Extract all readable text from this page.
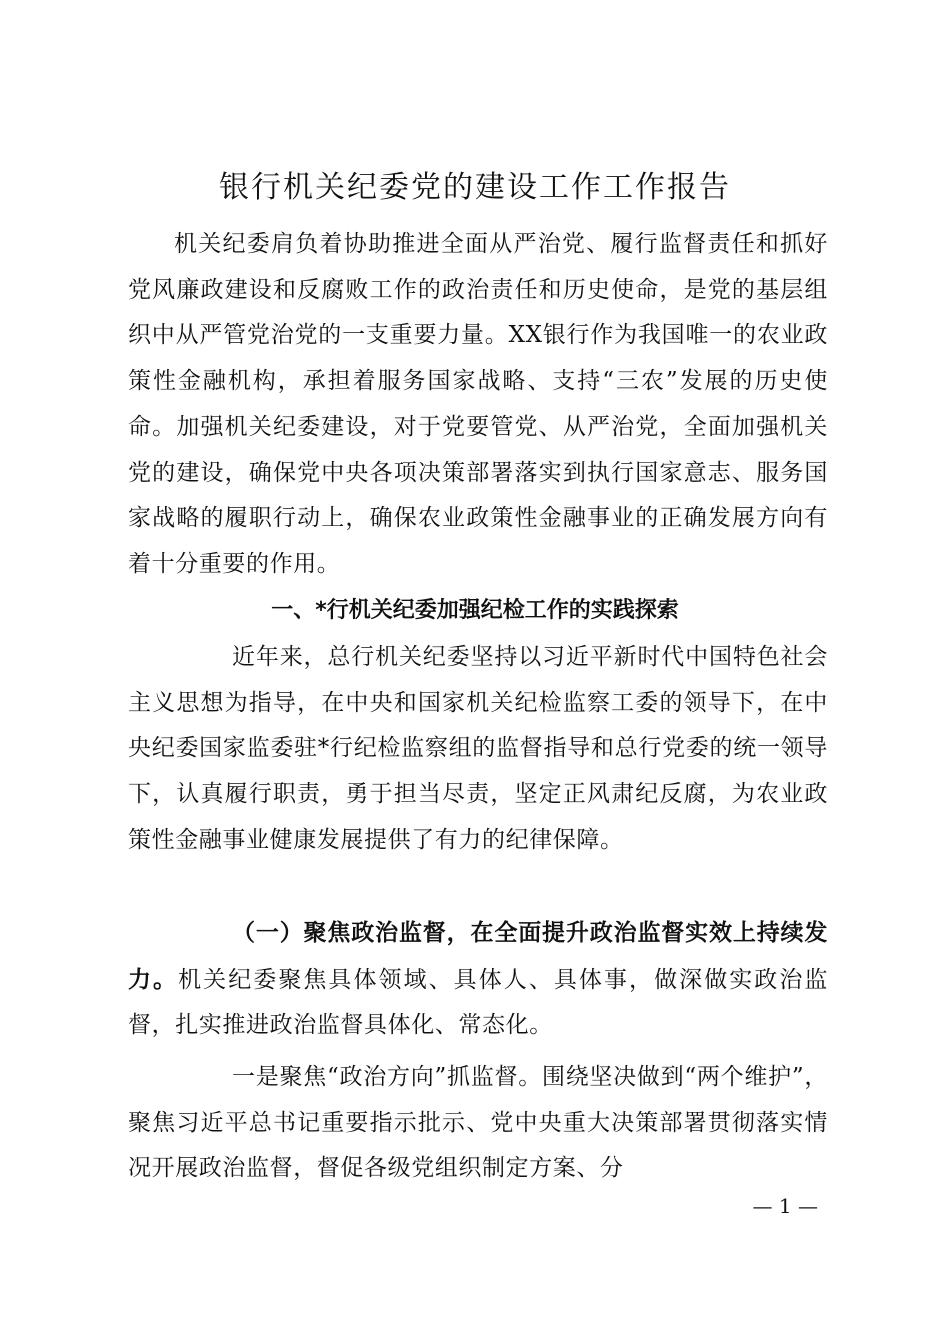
银行机关纪委党的建设工作工作报告
机关纪委肩负着协助推进全面从严治党、履行监督责任和抓好党风廉政建设和反腐败工作的政治责任和历史使命，是党的基层组织中从严管党治党的一支重要力量。XX银行作为我国唯一的农业政策性金融机构，承担着服务国家战略、支持“三农”发展的历史使命。加强机关纪委建设，对于党要管党、从严治党，全面加强机关党的建设，确保党中央各项决策部署落实到执行国家意志、服务国家战略的履职行动上，确保农业政策性金融事业的正确发展方向有着十分重要的作用。
一、*行机关纪委加强纪检工作的实践探索
近年来，总行机关纪委坚持以习近平新时代中国特色社会主义思想为指导，在中央和国家机关纪检监察工委的领导下，在中央纪委国家监委驻*行纪检监察组的监督指导和总行党委的统一领导下，认真履行职责，勇于担当尽责，坚定正风肃纪反腐，为农业政策性金融事业健康发展提供了有力的纪律保障。
（一）聚焦政治监督，在全面提升政治监督实效上持续发力。机关纪委聚焦具体领域、具体人、具体事，做深做实政治监督，扎实推进政治监督具体化、常态化。
一是聚焦“政治方向”抓监督。围绕坚决做到“两个维护”，聚焦习近平总书记重要指示批示、党中央重大决策部署贯彻落实情况开展政治监督，督促各级党组织制定方案、分
— 1 —
